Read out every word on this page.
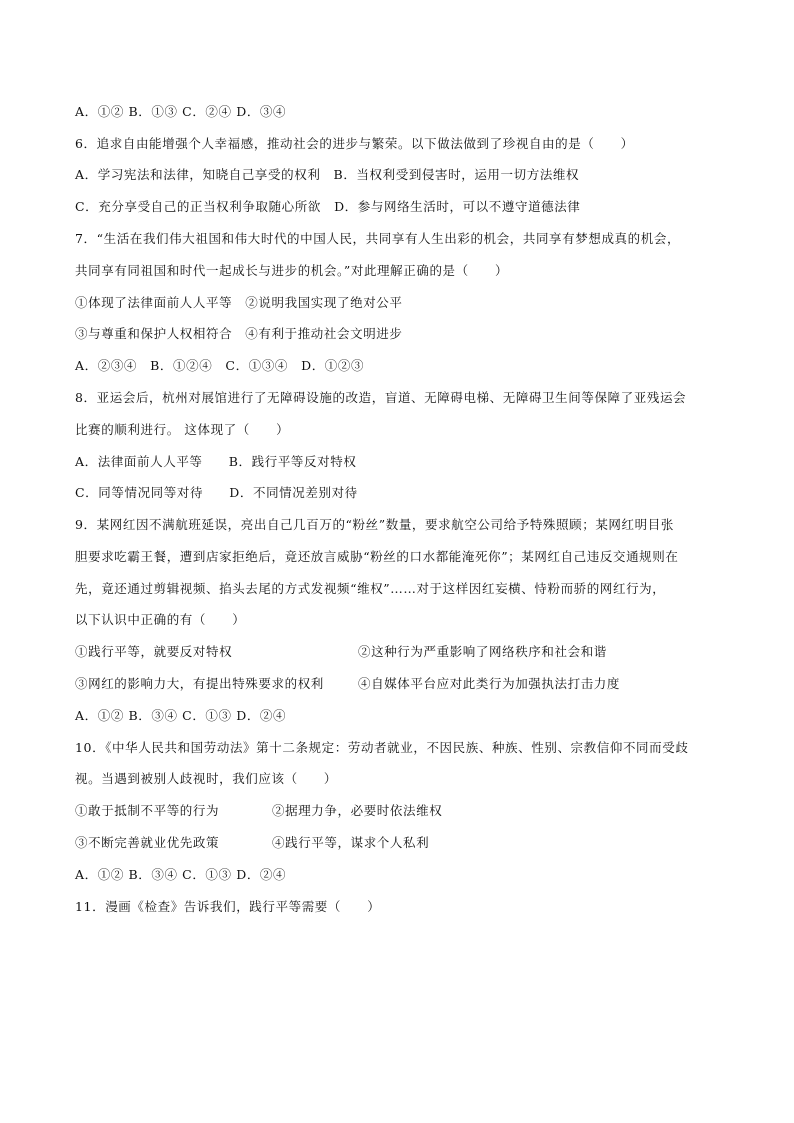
A．①② B．①③ C．②④ D．③④
6．追求自由能增强个人幸福感，推动社会的进步与繁荣。以下做法做到了珍视自由的是（　　）
A．学习宪法和法律，知晓自己享受的权利　B．当权利受到侵害时，运用一切方法维权
C．充分享受自己的正当权利争取随心所欲　D．参与网络生活时，可以不遵守道德法律
7．“生活在我们伟大祖国和伟大时代的中国人民，共同享有人生出彩的机会，共同享有梦想成真的机会，
共同享有同祖国和时代一起成长与进步的机会。”对此理解正确的是（　　）
①体现了法律面前人人平等　②说明我国实现了绝对公平
③与尊重和保护人权相符合　④有利于推动社会文明进步
A．②③④　B．①②④　C．①③④　D．①②③
8．亚运会后，杭州对展馆进行了无障碍设施的改造，盲道、无障碍电梯、无障碍卫生间等保障了亚残运会
比赛的顺利进行。 这体现了（　　）
A．法律面前人人平等　　B．践行平等反对特权
C．同等情况同等对待　　D．不同情况差别对待
9．某网红因不满航班延误，亮出自己几百万的“粉丝”数量，要求航空公司给予特殊照顾；某网红明目张
胆要求吃霸王餐，遭到店家拒绝后，竟还放言威胁“粉丝的口水都能淹死你”；某网红自己违反交通规则在
先，竟还通过剪辑视频、掐头去尾的方式发视频“维权”……对于这样因红妄横、恃粉而骄的网红行为，
以下认识中正确的有（　　）
①践行平等，就要反对特权	②这种行为严重影响了网络秩序和社会和谐
③网红的影响力大，有提出特殊要求的权利	④自媒体平台应对此类行为加强执法打击力度
A．①② B．③④ C．①③ D．②④
10．《中华人民共和国劳动法》第十二条规定：劳动者就业，不因民族、种族、性别、宗教信仰不同而受歧
视。当遇到被别人歧视时，我们应该（　　）
①敢于抵制不平等的行为	②据理力争，必要时依法维权
③不断完善就业优先政策	④践行平等，谋求个人私利
A．①② B．③④ C．①③ D．②④
11．漫画《检查》告诉我们，践行平等需要（　　）
